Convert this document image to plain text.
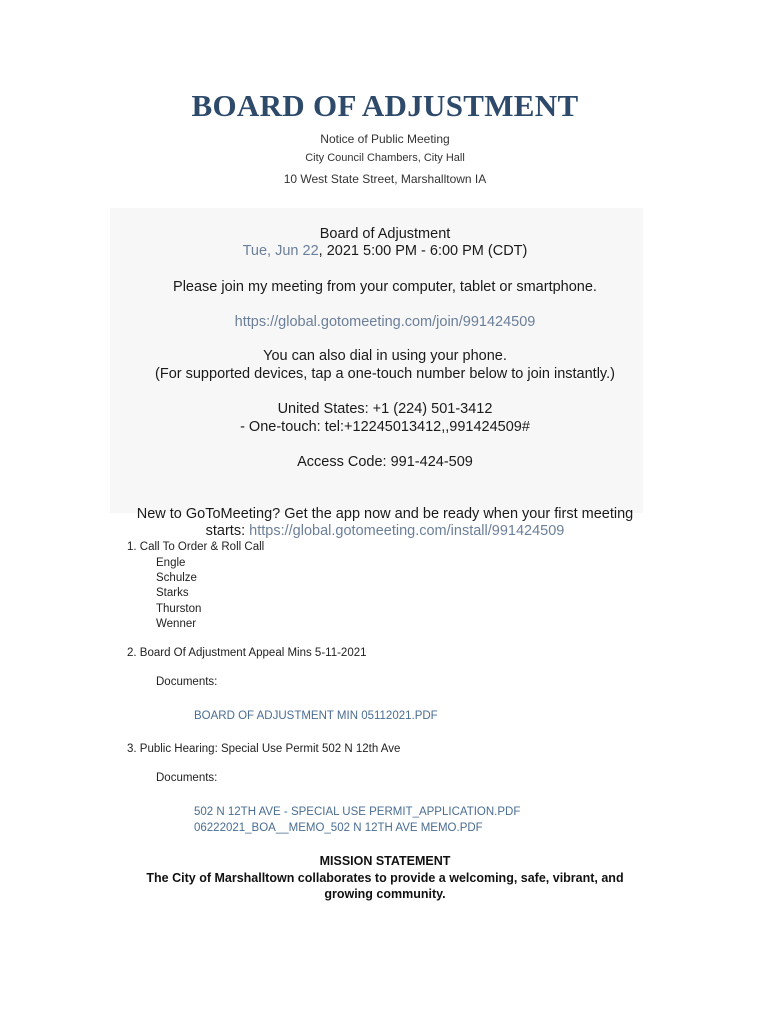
BOARD OF ADJUSTMENT
Notice of Public Meeting
City Council Chambers, City Hall
10 West State Street, Marshalltown IA
Board of Adjustment
Tue, Jun 22, 2021 5:00 PM - 6:00 PM (CDT)
Please join my meeting from your computer, tablet or smartphone.
https://global.gotomeeting.com/join/991424509
You can also dial in using your phone.
(For supported devices, tap a one-touch number below to join instantly.)
United States: +1 (224) 501-3412
- One-touch: tel:+12245013412,,991424509#
Access Code: 991-424-509
New to GoToMeeting? Get the app now and be ready when your first meeting
starts: https://global.gotomeeting.com/install/991424509
1. Call To Order & Roll Call
Engle
Schulze
Starks
Thurston
Wenner
2. Board Of Adjustment Appeal Mins 5-11-2021
Documents:
BOARD OF ADJUSTMENT MIN 05112021.PDF
3. Public Hearing: Special Use Permit 502 N 12th Ave
Documents:
502 N 12TH AVE - SPECIAL USE PERMIT_APPLICATION.PDF
06222021_BOA__MEMO_502 N 12TH AVE MEMO.PDF
MISSION STATEMENT
The City of Marshalltown collaborates to provide a welcoming, safe, vibrant, and
growing community.
